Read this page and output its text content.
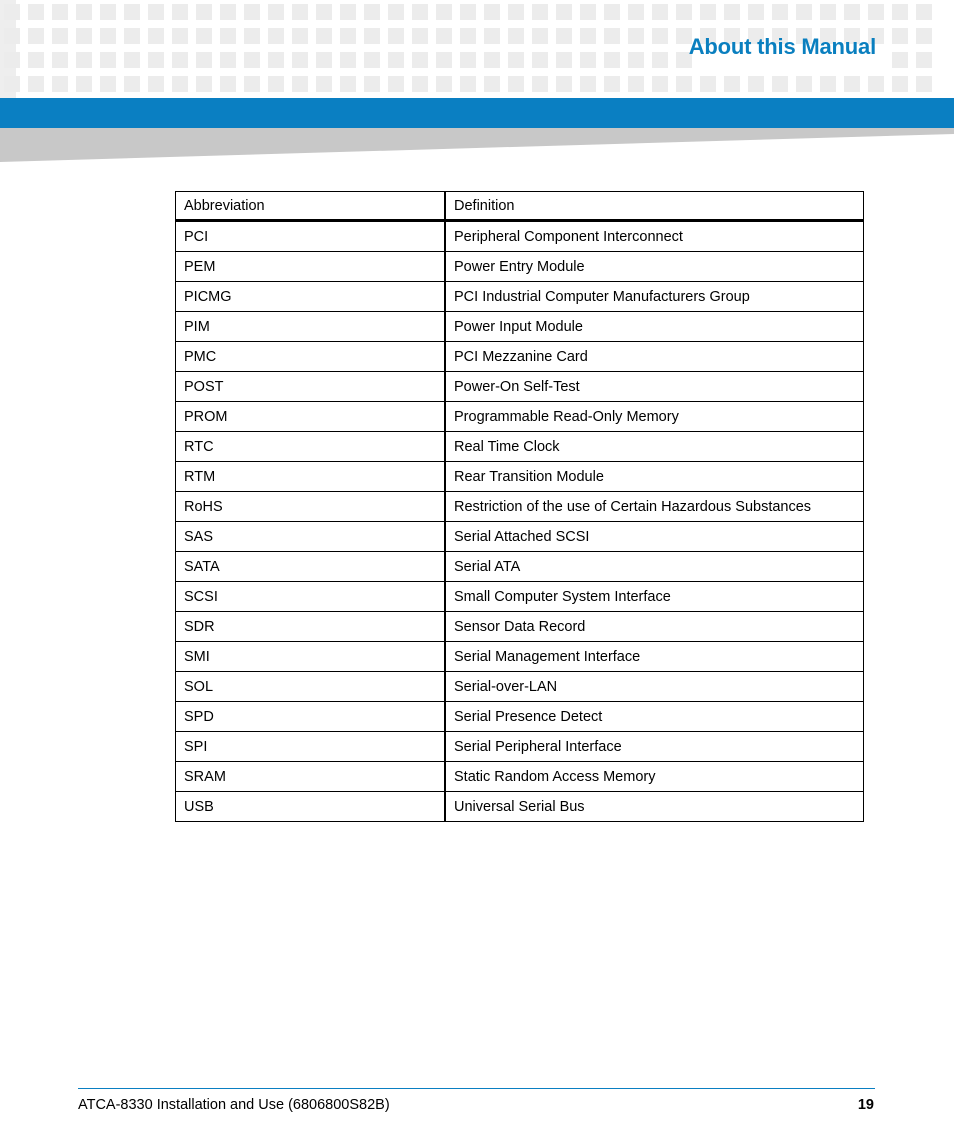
About this Manual
Abbreviation	Definition
PCI	Peripheral Component Interconnect
PEM	Power Entry Module
PICMG	PCI Industrial Computer Manufacturers Group
PIM	Power Input Module
PMC	PCI Mezzanine Card
POST	Power-On Self-Test
PROM	Programmable Read-Only Memory
RTC	Real Time Clock
RTM	Rear Transition Module
RoHS	Restriction of the use of Certain Hazardous Substances
SAS	Serial Attached SCSI
SATA	Serial ATA
SCSI	Small Computer System Interface
SDR	Sensor Data Record
SMI	Serial Management Interface
SOL	Serial-over-LAN
SPD	Serial Presence Detect
SPI	Serial Peripheral Interface
SRAM	Static Random Access Memory
USB	Universal Serial Bus
ATCA-8330 Installation and Use (6806800S82B)	19
